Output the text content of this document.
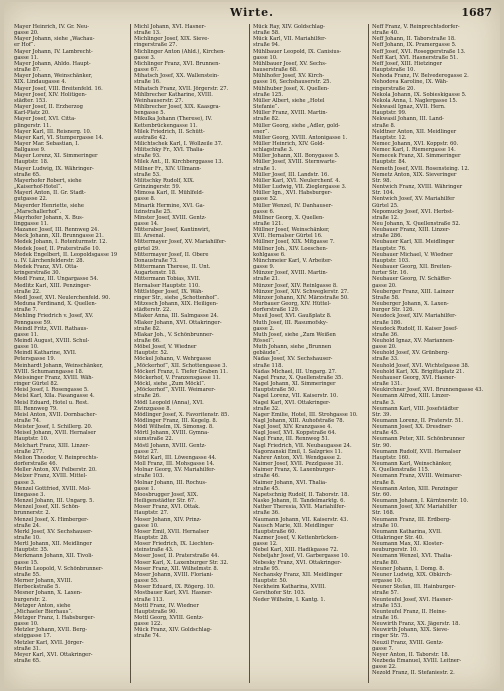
Wirte.	1687
Mayer Heinrich, IV. Gr. Neu-
gasse 20.
Mayer Johann, siehe „Wachau-
er Hof“.
Mayer Johann, IV. Lambrecht-
gasse 11.
Mayer Johann, Ahldo. Haupt-
straße 87.
Mayer Johann, Weinschänker,
XIX. Lindaugasse 4.
Mayer Josef, VIII. Breitenfeld. 16.
Mayer Josef, XIV. Holitigen-
städter. 153.
Mayer Josef, II. Erzherzog
Karl-Platz 20.
Mayer Josef, XVI. Citta-
plingerstr. 11.
Mayer Karl, III. Reisnerg. 10.
Mayer Karl, VI. Stumpergasse 14.
Mayer Mar. Sebastian, I.
Ballgasse 9.
Mayer Lorenz, XI. Simmeringer
Hauptstr. 18.
Mayer Ludwig, IX. Währinger-
straße 65.
Mayerhofer Robert, siehe
„Kaiserhof-Hotel“.
Mayerl Anton, II. Gr. Stadt-
gutgasse 22.
Mayerder Henriette, siehe
„Marschallerhof“.
Mayrhofer Johann, X. Bus-
linggasse 11.
Mazanec Josef, III. Rennweg 24.
Meck Johann, XII. Brunngasse 21.
Medek Johann, I. Rotenturmstr. 12.
Medek Josef, II. Praterstraße 10.
Medek Engelbert, II. Leopoldsgasse 19
u. IV. Lärchenfelderstr. 28.
Medek Franz, XVI. Otta-
kringerstraße 30.
Medl Franz, III. Ungargasse 54.
Medlitz Karl, XIII. Penzinger-
straße 22.
Medl Josef, XVI. Neulerchenfeld. 90.
Meduna Ferdinand, X. Quellen-
straße 7.
Mehling Friedrich v. Josef, XV.
Ponngasse 59.
Meindl Fritz, XVII. Rathaus-
gasse 11.
Meindl August, XVIII. Schul-
gasse 10.
Meindl Katharine, XVII.
Petersgasse 19.
Meinhardt Johann, Weinschänker,
XVIII. Schumanngasse 18.
Meissinger Franz, XVIII. Wäh-
ringer Gürtel 82.
Meisl Josef, I. Rosengasse 5.
Meisl Karl, Xlla. Fasangasse 4.
Meisl Eduard, Hotel u. Rest.
III. Rennweg 79.
Meisl Anton, XVII. Dornbacher-
straße 74.
Meister Josef, I. Schillerg. 20.
Meisel Johann, XVII. Hernalser
Hauptstr. 10.
Melchart Franz, XIII. Linzer-
straße 277.
Melion Theodor, V. Reinprechts-
dorferstraße 46.
Meller Anton, XV. Felberstr. 20.
Melzer Franz, XVIII. Mittel-
gasse 3.
Menzel Gottfried, XVIII. Mol-
linegasse 3.
Menzel Johann, III. Ungarg. 5.
Menzel Josef, XII. Schön-
brunnerstr. 2.
Menzel Josef, X. Himberger-
straße 24.
Merkl Josef, XV. Sechshauser-
straße 10.
Mertl Johann, XII. Meidlinger
Hauptstr. 35.
Merkmann Johann, XII. Tivoli-
gasse 15.
Merlin Leopold, V. Schönbrunner-
straße 55.
Merner Johann, XVIII.
Herbeckstraße 5.
Mesner Johann, X. Laxen-
burgerstr. 2.
Metzger Anton, siehe
„Michaeler Bierhaus“.
Metzger Franz, I. Habsburger-
gasse 10.
Metzler Johann, XVII. Berg-
steiggasse 17.
Metzler Karl, XVII. Jörger-
straße 31.
Meyer Karl, XVI. Ottakringer-
straße 65.
Michl Johann, XVI. Hasner-
straße 13.
Michlinger Josef, XIX. Sieve-
ringerstraße 27.
Michlinger Anton (Ahld.), Kirchen-
gasse 3.
Michlinger Franz, XVI. Brunnen-
gasse 67.
Mihatsch Josef, XX. Wallenstein-
straße 16.
Mihatsch Franz, XVII. Jörgerstr. 27.
Mihlbrecher Katharine, XVIII.
Weinhauserstr. 27.
Mihlbrecher Josef, XIX. Kaasgra-
bengasse 5.
Mikulka Johann (Therese), IV.
Kettenbrückengasse 11.
Milek Friedrich, II. Schütt-
austraße 42.
Milichtschek Karl, I. Wollzeile 37.
Militschky Fr., XVI. Thalia-
straße 93.
Milek Ant., II. Kirchberggasse 13.
Millner Fr., XIV. Ullmann-
straße 53.
Militschky Rudolf, XIX.
Grinzingerstr. 59.
Mimosa Karl, II. Mühlfeld-
gasse 8.
Minarik Hermine, XVI. Ga-
lizinstraße 25.
Minster Josef, XVIII. Gentz-
gasse 14.
Mitteraber Josef, Kantinwirt,
III. Arsenal.
Mittermayer Josef, XV. Mariahilfer-
gürtel 29.
Mittermayer Josef, II. Obere
Donaustraße 73.
Mittermann Therese, II. Unt.
Augartenstr. 18.
Mittermann Tobias, XVII.
Hernalser Hauptstr. 110.
Mittlstöger Josef, IX. Wäh-
ringer Str., siehe „Schottenhof“.
Mitzesch Johann, XIX. Heiligen-
städterstr. 22.
Mlaker Anna, III. Salmgasse 24.
Mlaker Johann, XVI. Ottakringer-
straße 82.
Mlakar Joh., V. Schönbrunner-
straße 66.
Möbel Josef, V. Wiedner
Hauptstr. 52.
Möckel Johann, V. Wehrgasse
„Möckerhof“, XII. Schottengasse 3.
Möckerl Franz, I. Tiefer Graben 11.
Möckerhof, V. Franzensgasse 11.
Möckl, siehe „Zum Möckl“.
„Möckerhof“, XVIII. Weimarer-
straße 26.
Mödl Leopold (Anna), XVI.
Zwinzgasse 8.
Mödlinger Josef, X. Favoritenstr. 85.
Mödlinger Franz, III. Kegelg. 8.
Mödl Wilhelm, IX. Simonsg. 8.
Mörtl Johann, XVIII. Gymna-
siumstraße 22.
Möstl Johann, XVIII. Gentz-
gasse 27.
Mötzl Karl, III. Löwengasse 44.
Moll Franz, III. Mohsgasse 14.
Molnar Georg, XV. Mariahilfer-
straße 103.
Molnar Johann, III. Rochus-
gasse 1.
Moosbrugger Josef, XIX.
Heiligenstädter Str. 67.
Moser Franz, XVI. Ottak.
Hauptstr. 27.
Moser Johann, XIV. Prinz-
gasse 10.
Moser Emil, XVII. Hernalser
Hauptstr. 28.
Moser Friedrich, IX. Liechten-
steinstraße 43.
Moser Josef, II. Praterstraße 44.
Moser Karl, X. Laxenburger Str. 32.
Moser Franz, XII. Wilhelmstr. 8.
Moser Johann, XVIII. Floriani-
gasse 55.
Moser Eduard, IX. Rögerg. 10.
Mostbauer Karl, XVI. Hasner-
straße 113.
Mottl Franz, IV. Wiedner
Hauptstraße 90.
Mottl Georg, XVIII. Gentz-
gasse 122.
Mück Franz, XIV. Goldschlag-
straße 74.
Mück Ray, XIV. Goldschlag-
straße 58.
Mück Karl, VII. Mariahilfer-
straße 94.
Mühlbauer Leopold, IX. Canisius-
gasse 10.
Mühlbauer Josef, XV. Sechs-
hauserstraße 68.
Mühlhofer Josef, XV. Kirch-
gasse 16, Sechshauserstr. 25.
Mühlhuber Josef, X. Quellen-
straße 125.
Müller Albert, siehe „Hotel
Stefanie“.
Müller Franz, XVIII. Martin-
straße 82.
Müller Georg, siehe „Adler, gold-
ener“.
Müller Georg, XVIII. Antonigasse 1.
Müller Heinrich, XIV. Gold-
schlagstraße 3.
Müller Johann, XII. Bonygasse 5.
Müller Josef, XVIII. Sternwarte-
straße 1.
Müller Josef, III. Landstr. 16.
Müller Karl, XVI. Neulerchenf. 4.
Müller Ludwig, VII. Zieglergasse 3.
Müller Ign., XVI. Habsburger-
gasse 52.
Müller Wenzel, IV. Danhauser-
gasse 6.
Müllner Georg, X. Quellen-
straße 121.
Müllner Josef, Weinschänker,
XVII. Hernalser Gürtel 16.
Müllner Josef, XIX. Mitgasse 7.
Müllner Joh., XIV. Loeschen-
kohlgasse 6.
Münchmeier Karl, V. Arbeiter-
gasse 9.
Münzer Josef, XVIII. Martin-
straße 21.
Münzer Josef, XIV. Reinlgasse 8.
Münzer Josef, XIV. Schweglerstr. 27.
Münzer Johann, XIV. Märzstraße 50.
Murbauer Georg, XIV. Hüttel-
dorferstraße 129.
Musil Josef, XVI. Gaußplatz 8.
Muth Josef, III. Rasumofsky-
gasse 2.
Muth Josef, siehe „Zum Weißen
Rössel“.
Muth Johann, siehe „Brunnen
gebäude“.
Nádas Josef, XV. Sechshauser-
straße 118.
Nádas Michael, III. Ungarg. 27.
Nagel Franz, X. Quellenstraße 35.
Nagel Johann, XI. Simmeringer
Hauptstraße 50.
Nagel Lorenz, VII. Kaiserstr. 10.
Nagel Karl, XVI. Ottakringer-
straße 32.
Nager Emilie, Hotel, III. Strohgasse 10.
Nagl Johann, XIII. Auhofstraße 78.
Nagl Josef, XIV. Kranzgasse 4.
Nagl Josef, XVI. Koppstraße 64.
Nagl Franz, III. Rennweg 51.
Nagl Friedrich, VII. Neubaugasse 24.
Nagorzanski Emil, I. Salzgries 11.
Nahrer Anton, XVI. Wendgasse 2.
Naimer Josef, XVII. Pezzlgasse 31.
Naimer Franz, X. Laxenburger-
straße 46.
Naimer Johann, XVI. Thalia-
straße 45.
Napetschnig Rudolf, II. Taborstr. 18.
Nasko Johann, II. Tandelmarktg. 6.
Nather Theresia, XVII. Mariahilfer-
straße 36.
Naumann Johann, VII. Kaiserstr. 43.
Nausch Marie, XII. Meidlinger
Hauptstraße 60.
Nazmer Josef, V. Kettenbrücken-
gasse 12.
Nebel Karl, XIII. Hadikgasse 72.
Nebeljahr Josef, VI. Garbergasse 10.
Nebesky Franz, XVI. Ottakringer-
straße 95.
Nechansky Franz, XII. Meidlinger
Hauptstr. 50.
Neckheim Katharina, XVIII.
Gersthofer Str. 103.
Neder Wilhelm, I. Kantg. 1.
Neff Franz, V. Reinprechtsdorfer-
straße 40.
Neff Johann, II. Taborstraße 18.
Neff Johann, IX. Pramergasse 5.
Neff Josef, XVI. Roseggerstraße 13.
Neff Karl, XVI. Hasnerstraße 51.
Neff Josef, XIII. Hietzinger
Hauptstraße 10.
Nehoda Franz, IV. Belvederegasse 2.
Nehodova Karoline, IX. Wäh-
ringerstraße 20.
Nekola Johann, IX. Sobieskigasse 5.
Nekola Anna, I. Naglergasse 15.
Nekwasil Ignaz, XVII. Hern.
Hauptstr. 99.
Nekwasil Johann, III. Land-
straße 8.
Neldtner Anton, XII. Meidlinger
Hauptstr. 12.
Nemec Johann, XVI. Koppstr. 60.
Nemec Karl, I. Riemergasse 14.
Nemecek Franz, XI. Simmeringer
Hauptstr. 84.
Nemeth Josef, XVII. Rosensteing. 12.
Nemetz Anton, XIX. Sieveringer
Str. 98.
Nentwich Franz, XVIII. Währinger
Str. 104.
Nentwich Josef, XV. Mariahilfer
Gürtel 25.
Nepomucký Josef, XVI. Herbst-
straße 12.
Neu Johann, X. Quellenstraße 52.
Neubauer Franz, XIII. Linzer-
straße 286.
Neubauer Karl, XII. Meidlinger
Hauptstr. 76.
Neubauer Michael, V. Wiedner
Hauptstr. 103.
Neubauer Georg, XII. Breiten-
furter Str. 16.
Neubauer Georg, IV. Schäffer-
gasse 20.
Neuberger Franz, XIII. Lainzer
Straße 58.
Neuberger Johann, X. Laxen-
burger Str. 126.
Neudeck Josef, XIV. Mariahilfer-
straße 186.
Neudeck Rudolf, II. Kaiser Josef-
straße 36.
Neuhold Ignaz, XV. Mariannen-
gasse 20.
Neuhold Josef, XV. Grünberg-
straße 33.
Neuhold Josef, XVI. Wichtelgasse 38.
Neuhold Karl, XX. Brigittaplatz 21.
Neuhauser Georg, XVI. Hasner-
straße 131.
Neukirchner Josef, XVI. Brunnengasse 43.
Neumann Alfred, XIII. Linzer-
straße 3.
Neumann Karl, VIII. Josefstädter
Str. 39.
Neumann Lorenz, II. Praterstr. 51.
Neumann Josef, XX. Dresdner-
straße 45.
Neumann Peter, XII. Schönbrunner
Str. 90.
Neumann Rudolf, XVII. Hernalser
Hauptstr. 160.
Neumann Karl, Weinschänker,
X. Quellenstraße 115.
Neumann Franz, XVIII. Weimarer-
straße 8.
Neumann Anton, XIII. Penzinger
Str. 60.
Neumann Johann, I. Kärntnerstr. 10.
Neumann Josef, XIV. Mariahilfer
Str. 168.
Neumann Franz, III. Erdberg-
straße 10.
Neumann Katharina, XVII.
Ottakringer Str. 40.
Neumann Max, XI. Kloster-
neuburgerstr. 10.
Neumann Wenzel, XVI. Thalia-
straße 80.
Neuner Johann, I. Domg. 8.
Neuner Ludwig, XIX. Obkirch-
ergasse 10.
Neuner Stefan, III. Hainburger-
straße 57.
Neunteufel Josef, XVI. Hasner-
straße 153.
Neunteufel Franz, II. Heine-
straße 16.
Neuwirth Franz, XX. Jägerstr. 18.
Neuwirth Johann, XIX. Sieve-
ringer Str. 75.
Neuzil Franz, XVIII. Gentz-
gasse 7.
Neyer Anton, II. Taborstr. 18.
Nezbeda Emanuel, XVIII. Leitner-
gasse 22.
Nezold Franz, II. Stefaniestr. 2.
